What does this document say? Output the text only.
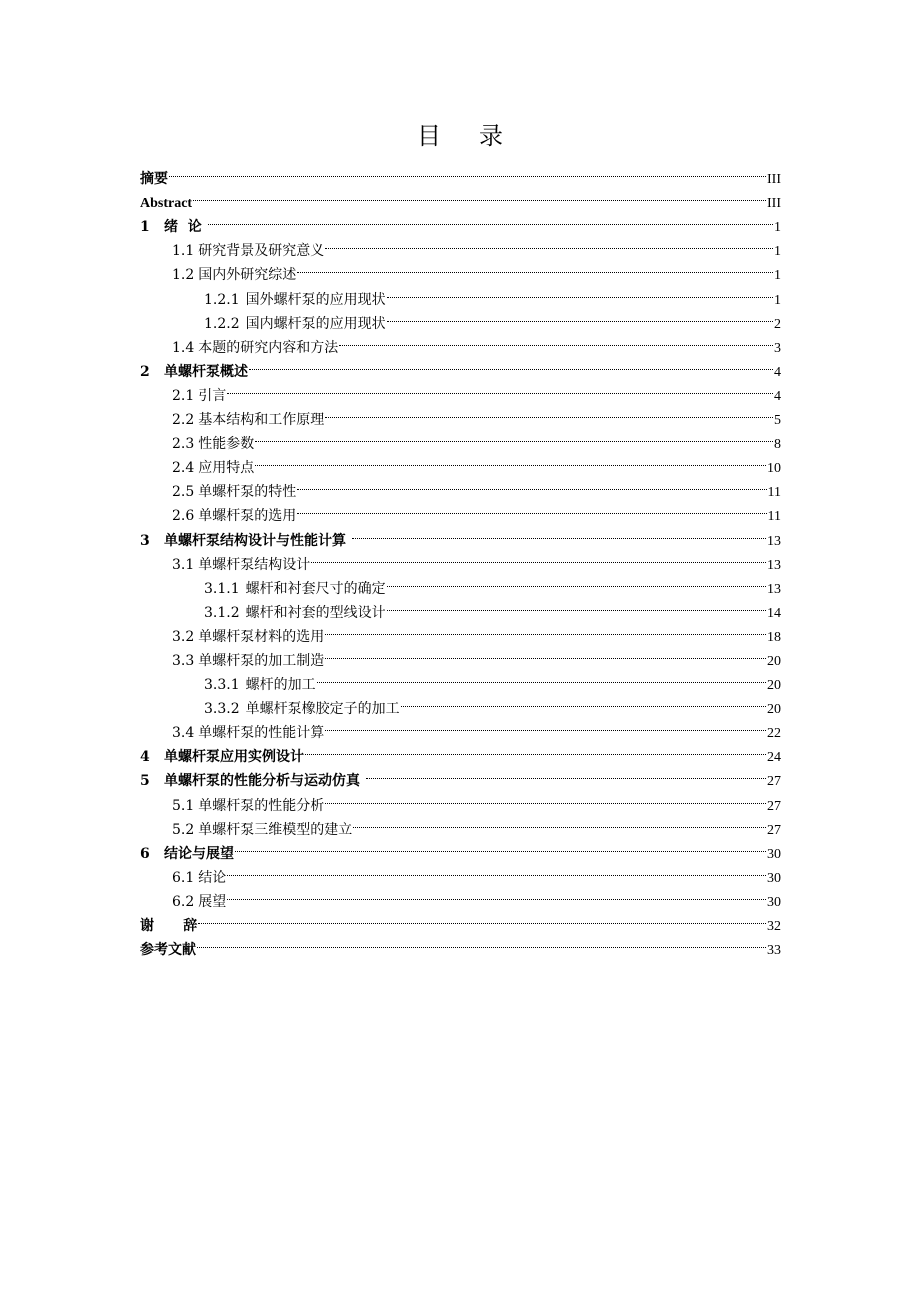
目 录
摘要	III
Abstract	III
1	绪  论	1
1.1 研究背景及研究意义	1
1.2 国内外研究综述	1
1.2.1 国外螺杆泵的应用现状	1
1.2.2 国内螺杆泵的应用现状	2
1.4 本题的研究内容和方法	3
2	单螺杆泵概述	4
2.1 引言	4
2.2 基本结构和工作原理	5
2.3 性能参数	8
2.4 应用特点	10
2.5 单螺杆泵的特性	11
2.6 单螺杆泵的选用	11
3	单螺杆泵结构设计与性能计算	13
3.1 单螺杆泵结构设计	13
3.1.1 螺杆和衬套尺寸的确定	13
3.1.2 螺杆和衬套的型线设计	14
3.2 单螺杆泵材料的选用	18
3.3 单螺杆泵的加工制造	20
3.3.1 螺杆的加工	20
3.3.2 单螺杆泵橡胶定子的加工	20
3.4 单螺杆泵的性能计算	22
4	单螺杆泵应用实例设计	24
5	单螺杆泵的性能分析与运动仿真	27
5.1 单螺杆泵的性能分析	27
5.2 单螺杆泵三维模型的建立	27
6	结论与展望	30
6.1 结论	30
6.2 展望	30
谢      辞	32
参考文献	33
